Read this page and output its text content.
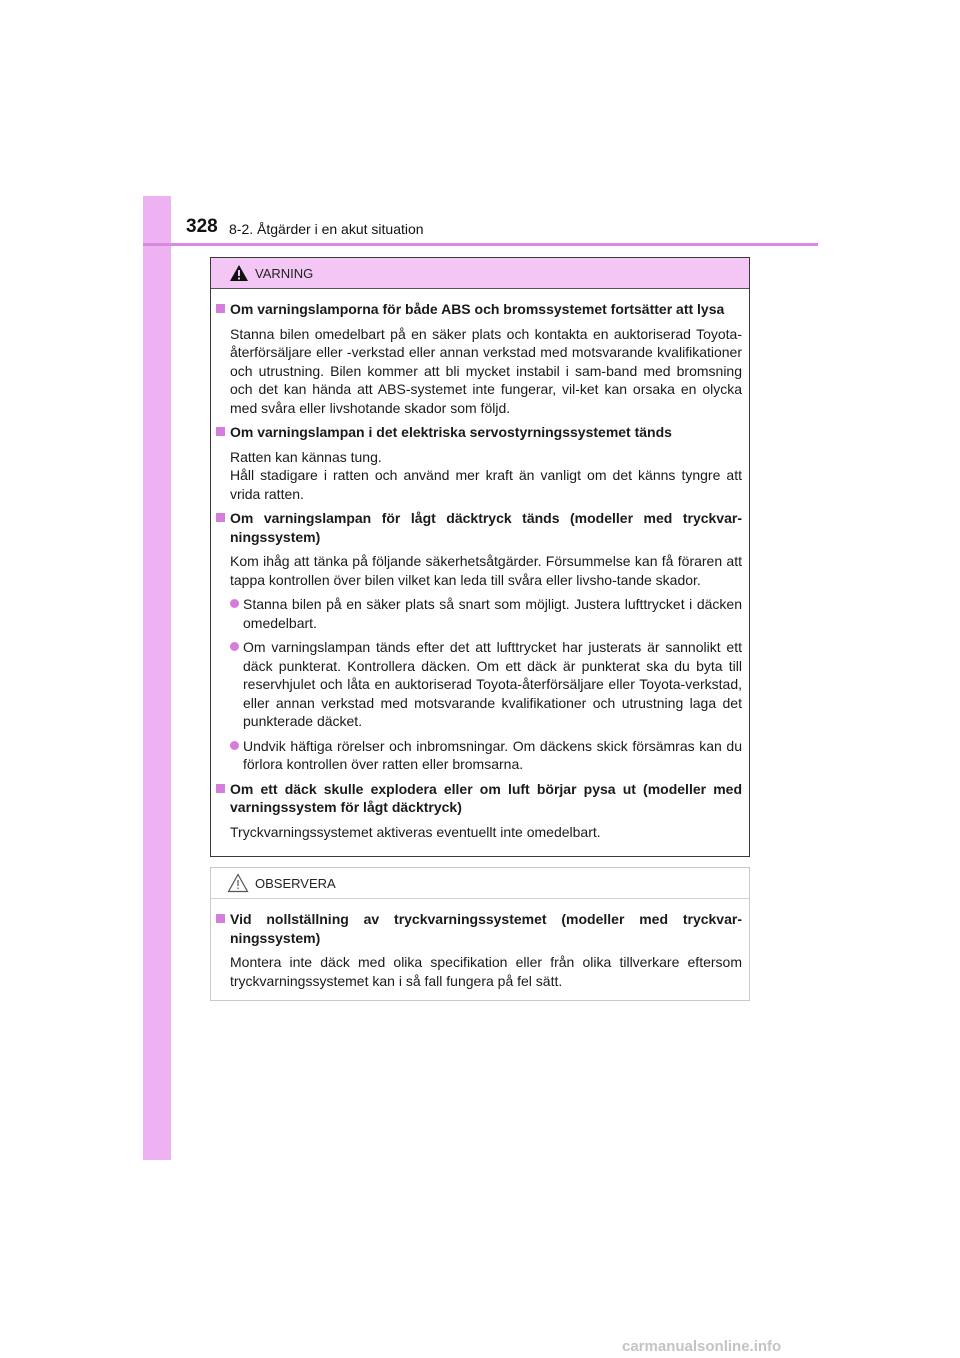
328 8-2. Åtgärder i en akut situation
VARNING
Om varningslamporna för både ABS och bromssystemet fortsätter att lysa

Stanna bilen omedelbart på en säker plats och kontakta en auktoriserad Toyota-återförsäljare eller -verkstad eller annan verkstad med motsvarande kvalifikationer och utrustning. Bilen kommer att bli mycket instabil i sam-band med bromsning och det kan hända att ABS-systemet inte fungerar, vil-ket kan orsaka en olycka med svåra eller livshotande skador som följd.

Om varningslampan i det elektriska servostyrningssystemet tänds

Ratten kan kännas tung.

Håll stadigare i ratten och använd mer kraft än vanligt om det känns tyngre att vrida ratten.

Om varningslampan för lågt däcktryck tänds (modeller med tryckvar-ningssystem)

Kom ihåg att tänka på följande säkerhetsåtgärder. Försummelse kan få föraren att tappa kontrollen över bilen vilket kan leda till svåra eller livsho-tande skador.

Stanna bilen på en säker plats så snart som möjligt. Justera lufttrycket i däcken omedelbart.
Om varningslampan tänds efter det att lufttrycket har justerats är sannolikt ett däck punkterat. Kontrollera däcken. Om ett däck är punkterat ska du byta till reservhjulet och låta en auktoriserad Toyota-återförsäljare eller Toyota-verkstad, eller annan verkstad med motsvarande kvalifikationer och utrustning laga det punkterade däcket.
Undvik häftiga rörelser och inbromsningar. Om däckens skick försämras kan du förlora kontrollen över ratten eller bromsarna.
Om ett däck skulle explodera eller om luft börjar pysa ut (modeller med varningssystem för lågt däcktryck)

Tryckvarningssystemet aktiveras eventuellt inte omedelbart.

OBSERVERA
Vid nollställning av tryckvarningssystemet (modeller med tryckvar-ningssystem)

Montera inte däck med olika specifikation eller från olika tillverkare eftersom tryckvarningssystemet kan i så fall fungera på fel sätt.

carmanualsonline.info
